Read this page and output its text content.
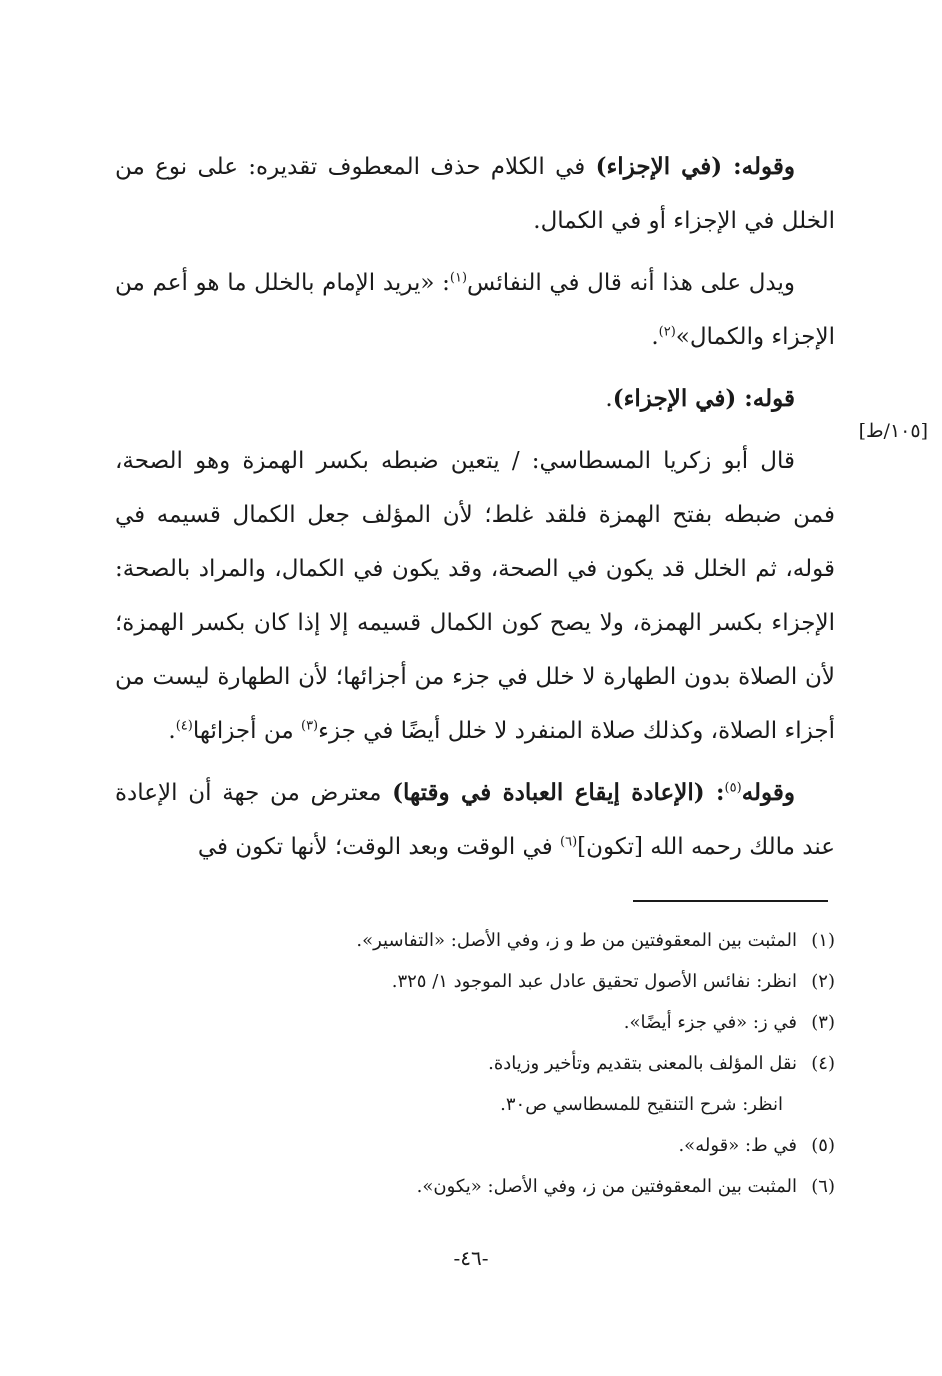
[١٠٥/ط]

وقوله: (في الإجزاء) في الكلام حذف المعطوف تقديره: على نوع من الخلل في الإجزاء أو في الكمال.

ويدل على هذا أنه قال في النفائس$^{(١)}$: «يريد الإمام بالخلل ما هو أعم من الإجزاء والكمال»$^{(٢)}$.

قوله: (في الإجزاء).

قال أبو زكريا المسطاسي: / يتعين ضبطه بكسر الهمزة وهو الصحة، فمن ضبطه بفتح الهمزة فلقد غلط؛ لأن المؤلف جعل الكمال قسيمه في قوله، ثم الخلل قد يكون في الصحة، وقد يكون في الكمال، والمراد بالصحة: الإجزاء بكسر الهمزة، ولا يصح كون الكمال قسيمه إلا إذا كان بكسر الهمزة؛ لأن الصلاة بدون الطهارة لا خلل في جزء من أجزائها؛ لأن الطهارة ليست من أجزاء الصلاة، وكذلك صلاة المنفرد لا خلل أيضًا في جزء$^{(٣)}$ من أجزائها$^{(٤)}$.

وقوله$^{(٥)}$: (الإعادة إيقاع العبادة في وقتها) معترض من جهة أن الإعادة عند مالك رحمه الله [تكون]$^{(٦)}$ في الوقت وبعد الوقت؛ لأنها تكون في

(١)
المثبت بين المعقوفتين من ط و ز، وفي الأصل: «التفاسير».
(٢)
انظر: نفائس الأصول تحقيق عادل عبد الموجود ١/ ٣٢٥.
(٣)
في ز: «في جزء أيضًا».
(٤)
نقل المؤلف بالمعنى بتقديم وتأخير وزيادة.
انظر: شرح التنقيح للمسطاسي ص٣٠.
(٥)
في ط: «قوله».
(٦)
المثبت بين المعقوفتين من ز، وفي الأصل: «يكون».
-٤٦-
